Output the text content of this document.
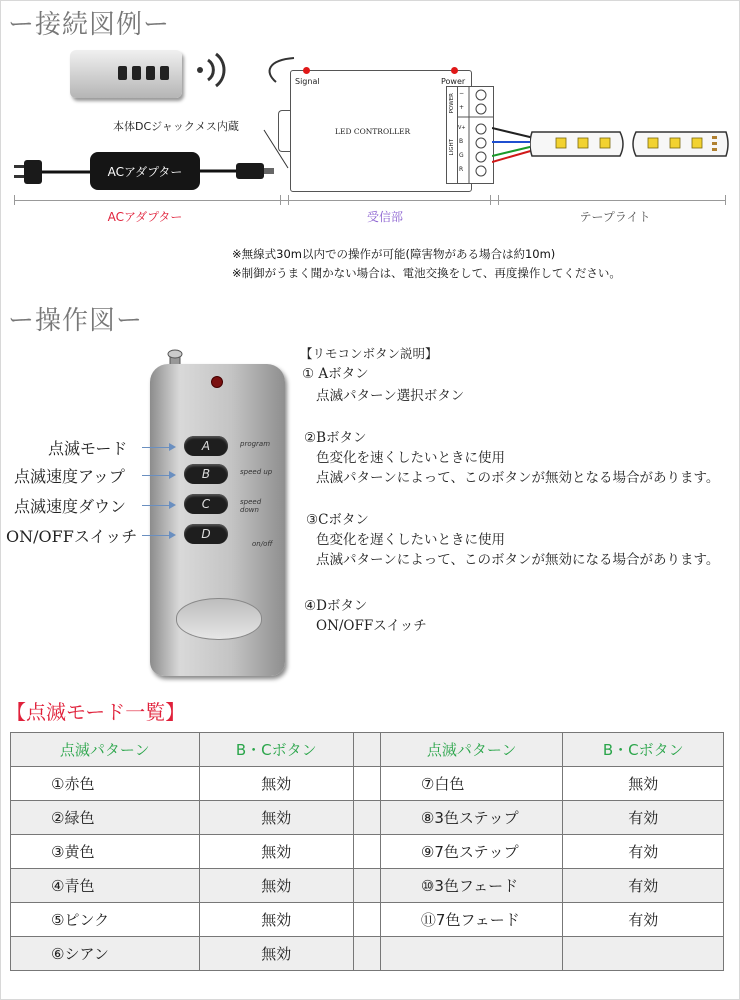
ー接続図例ー
本体DCジャックメス内蔵
Signal	Power
LED CONTROLLER
POWER
LIGHT
−
+
V+
B
G
R
ACアダプター
ACアダプター	受信部	テープライト
※無線式30m以内での操作が可能(障害物がある場合は約10m)
※制御がうまく聞かない場合は、電池交換をして、再度操作してください。
ー操作図ー
A
B
C
D
program
speed up
speed down
on/off
点滅モード
点滅速度アップ
点滅速度ダウン
ON/OFFスイッチ
【リモコンボタン説明】
① Aボタン
点滅パターン選択ボタン
②Bボタン
色変化を速くしたいときに使用
点滅パターンによって、このボタンが無効となる場合があります。
③Cボタン
色変化を遅くしたいときに使用
点滅パターンによって、このボタンが無効になる場合があります。
④Dボタン
ON/OFFスイッチ
【点滅モード一覧】
点滅パターン	B・Cボタン		点滅パターン	B・Cボタン
①赤色	無効		⑦白色	無効
②緑色	無効		⑧3色ステップ	有効
③黄色	無効		⑨7色ステップ	有効
④青色	無効		⑩3色フェード	有効
⑤ピンク	無効		⑪7色フェード	有効
⑥シアン	無効			
